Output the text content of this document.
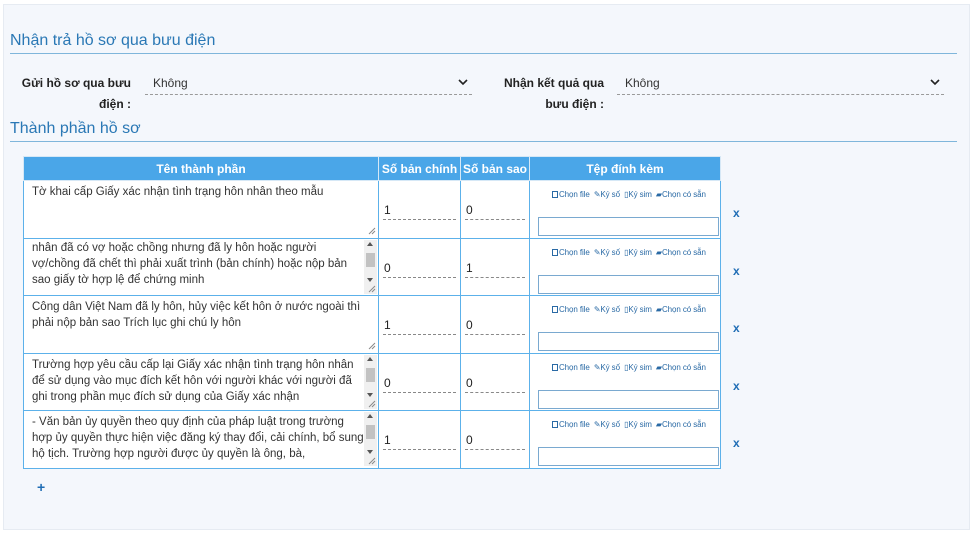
Nhận trả hồ sơ qua bưu điện
Gửi hồ sơ qua bưu
điện :
Không	Nhận kết quả qua
bưu điện :
Không
Thành phần hồ sơ
Tên thành phần	Số bản chính	Số bản sao	Tệp đính kèm

Tờ khai cấp Giấy xác nhận tình trạng hôn nhân theo mẫu	1	0	Chọn file ✎Ký số ▯Ký sim ▰Chọn có sẵn

nhân đã có vợ hoặc chồng nhưng đã ly hôn hoặc người vợ/chồng đã chết thì phải xuất trình (bản chính) hoặc nộp bản sao giấy tờ hợp lệ để chứng minh	0	1	Chọn file ✎Ký số ▯Ký sim ▰Chọn có sẵn

Công dân Việt Nam đã ly hôn, hủy việc kết hôn ở nước ngoài thì phải nộp bản sao Trích lục ghi chú ly hôn	1	0	Chọn file ✎Ký số ▯Ký sim ▰Chọn có sẵn

Trường hợp yêu cầu cấp lại Giấy xác nhận tình trạng hôn nhân để sử dụng vào mục đích kết hôn với người khác với người đã ghi trong phần mục đích sử dụng của Giấy xác nhận	0	0	Chọn file ✎Ký số ▯Ký sim ▰Chọn có sẵn

- Văn bản ủy quyền theo quy định của pháp luật trong trường hợp ủy quyền thực hiện việc đăng ký thay đổi, cải chính, bổ sung hộ tịch. Trường hợp người được ủy quyền là ông, bà,	1	0	Chọn file ✎Ký số ▯Ký sim ▰Chọn có sẵn
x
x
x
x
x
+
